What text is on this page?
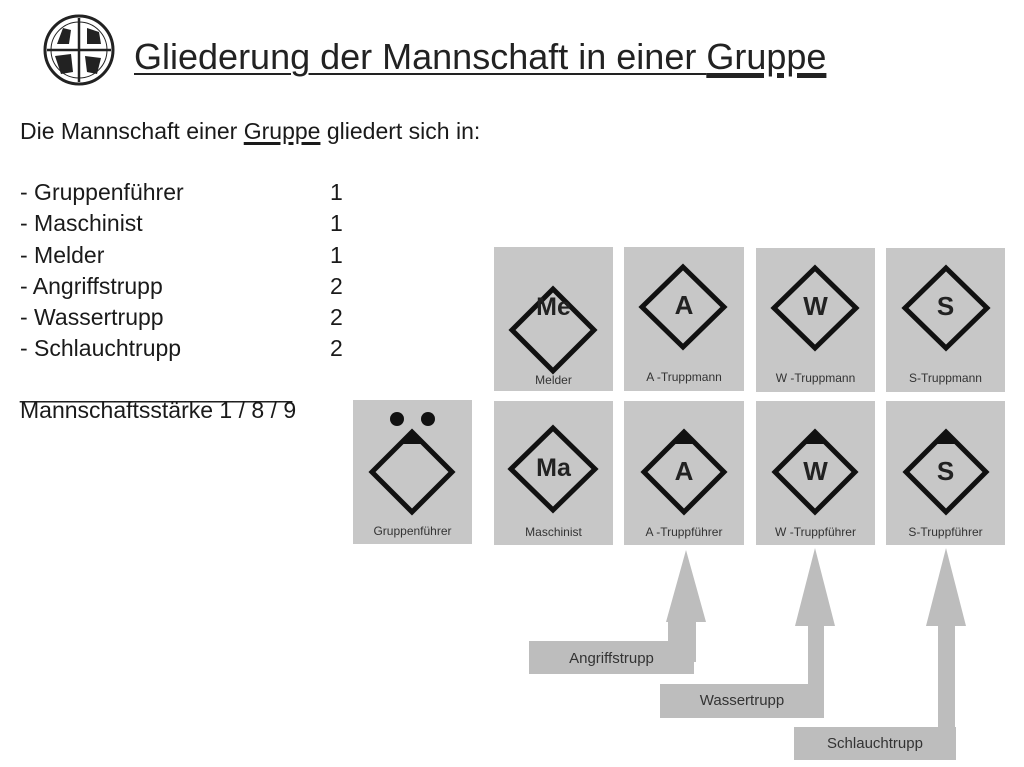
Gliederung der Mannschaft in einer Gruppe
Die Mannschaft einer Gruppe gliedert sich in:
- Gruppenführer	1
- Maschinist	1
- Melder	1
- Angriffstrupp	2
- Wassertrupp	2
- Schlauchtrupp	2
_______________________
Mannschaftsstärke 1 / 8 / 9
Me
Melder
A
A -Truppmann
W
W -Truppmann
S
S-Truppmann
Gruppenführer
Ma
Maschinist
A
A -Truppführer
W
W -Truppführer
S
S-Truppführer
Angriffstrupp
Wassertrupp
Schlauchtrupp
